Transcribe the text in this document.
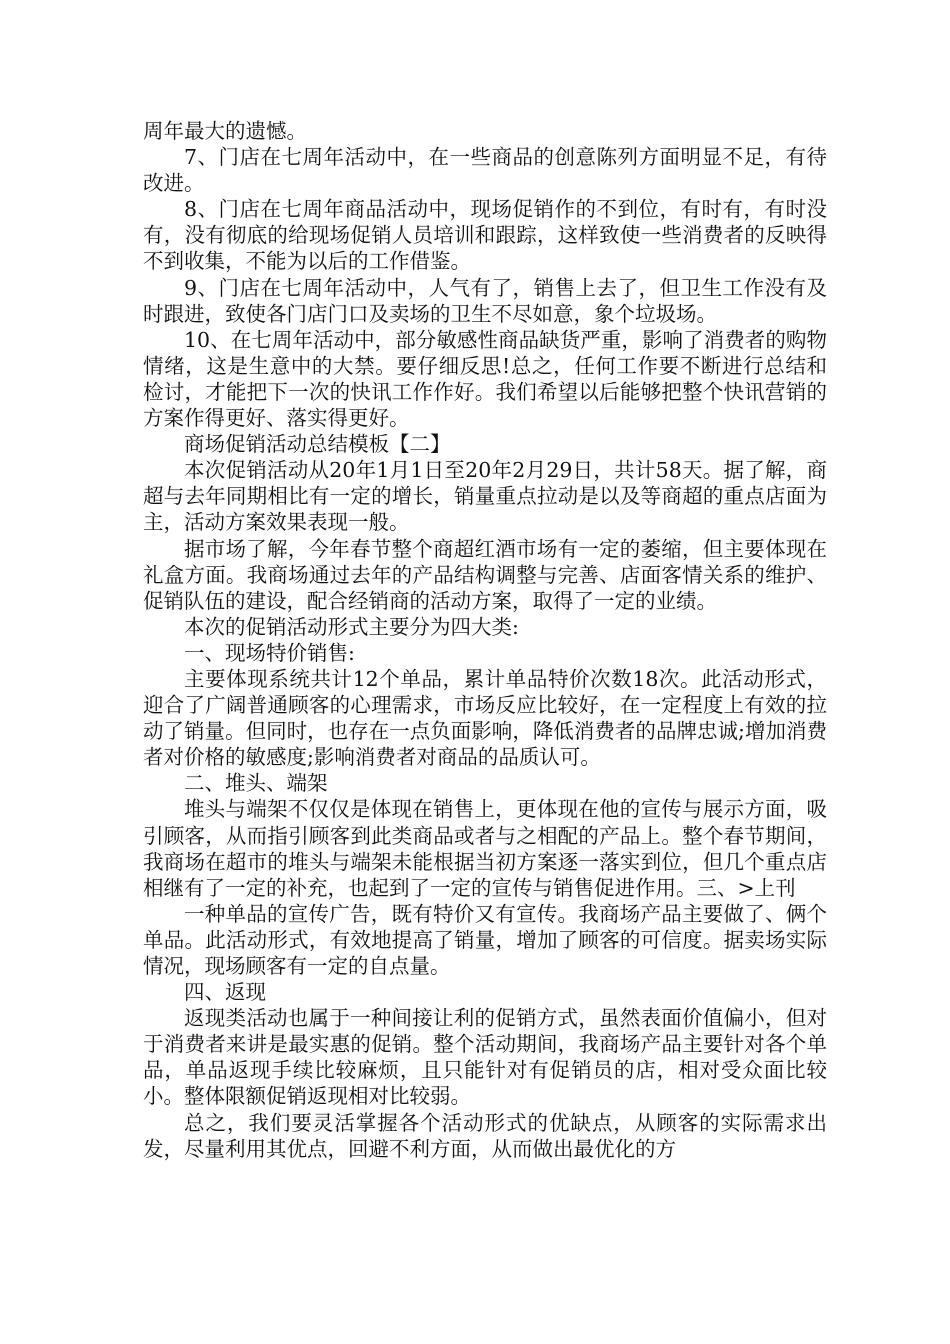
周年最大的遗憾。

7、门店在七周年活动中，在一些商品的创意陈列方面明显不足，有待改进。

8、门店在七周年商品活动中，现场促销作的不到位，有时有，有时没有，没有彻底的给现场促销人员培训和跟踪，这样致使一些消费者的反映得不到收集，不能为以后的工作借鉴。

9、门店在七周年活动中，人气有了，销售上去了，但卫生工作没有及时跟进，致使各门店门口及卖场的卫生不尽如意，象个垃圾场。

10、在七周年活动中，部分敏感性商品缺货严重，影响了消费者的购物情绪，这是生意中的大禁。要仔细反思!总之，任何工作要不断进行总结和检讨，才能把下一次的快讯工作作好。我们希望以后能够把整个快讯营销的方案作得更好、落实得更好。

商场促销活动总结模板【二】

本次促销活动从20年1月1日至20年2月29日，共计58天。据了解，商超与去年同期相比有一定的增长，销量重点拉动是以及等商超的重点店面为主，活动方案效果表现一般。

据市场了解，今年春节整个商超红酒市场有一定的萎缩，但主要体现在礼盒方面。我商场通过去年的产品结构调整与完善、店面客情关系的维护、促销队伍的建设，配合经销商的活动方案，取得了一定的业绩。

本次的促销活动形式主要分为四大类:

一、现场特价销售:

主要体现系统共计12个单品，累计单品特价次数18次。此活动形式，迎合了广阔普通顾客的心理需求，市场反应比较好，在一定程度上有效的拉动了销量。但同时，也存在一点负面影响，降低消费者的品牌忠诚;增加消费者对价格的敏感度;影响消费者对商品的品质认可。

二、堆头、端架

堆头与端架不仅仅是体现在销售上，更体现在他的宣传与展示方面，吸引顾客，从而指引顾客到此类商品或者与之相配的产品上。整个春节期间，我商场在超市的堆头与端架未能根据当初方案逐一落实到位，但几个重点店相继有了一定的补充，也起到了一定的宣传与销售促进作用。三、>上刊

一种单品的宣传广告，既有特价又有宣传。我商场产品主要做了、俩个单品。此活动形式，有效地提高了销量，增加了顾客的可信度。据卖场实际情况，现场顾客有一定的自点量。

四、返现

返现类活动也属于一种间接让利的促销方式，虽然表面价值偏小，但对于消费者来讲是最实惠的促销。整个活动期间，我商场产品主要针对各个单品，单品返现手续比较麻烦，且只能针对有促销员的店，相对受众面比较小。整体限额促销返现相对比较弱。

总之，我们要灵活掌握各个活动形式的优缺点，从顾客的实际需求出发，尽量利用其优点，回避不利方面，从而做出最优化的方
